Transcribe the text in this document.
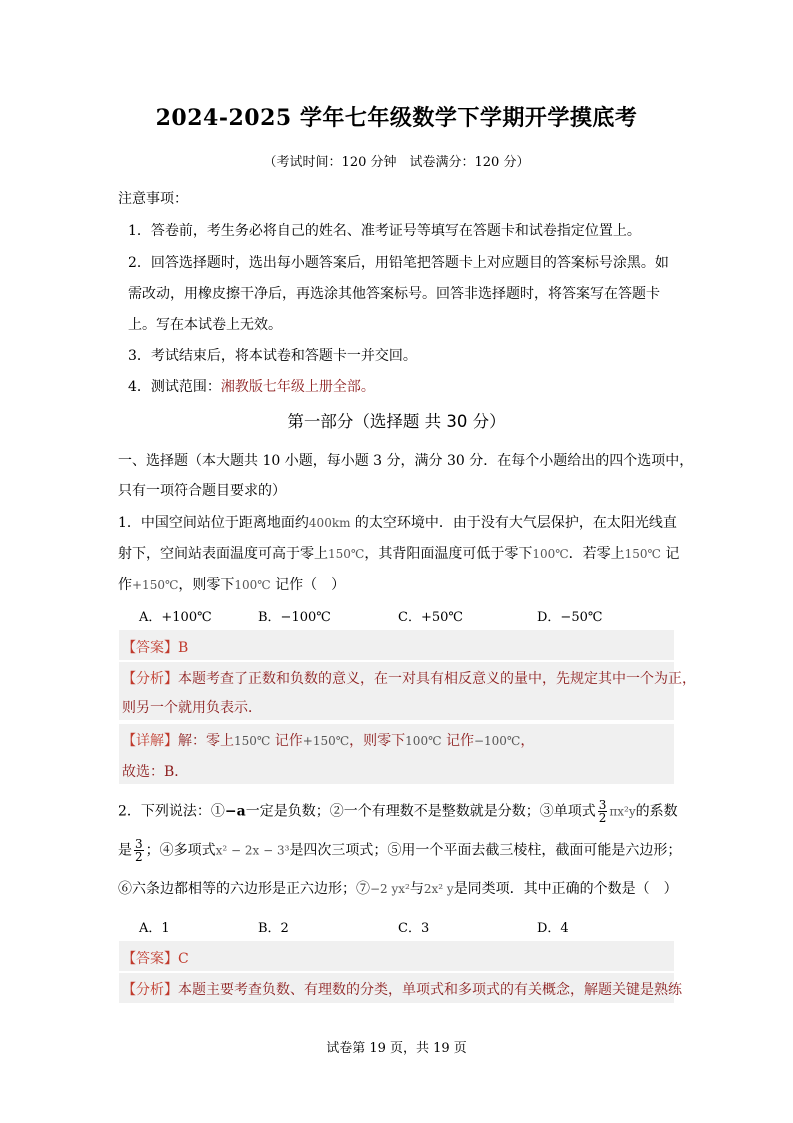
2024-2025 学年七年级数学下学期开学摸底考
（考试时间：120 分钟　试卷满分：120 分）
注意事项：
1．答卷前，考生务必将自己的姓名、准考证号等填写在答题卡和试卷指定位置上。
2．回答选择题时，选出每小题答案后，用铅笔把答题卡上对应题目的答案标号涂黑。如
需改动，用橡皮擦干净后，再选涂其他答案标号。回答非选择题时，将答案写在答题卡
上。写在本试卷上无效。
3．考试结束后，将本试卷和答题卡一并交回。
4．测试范围：湘教版七年级上册全部。
第一部分（选择题 共 30 分）
一、选择题（本大题共 10 小题，每小题 3 分，满分 30 分．在每个小题给出的四个选项中，
只有一项符合题目要求的）
1．中国空间站位于距离地面约400km 的太空环境中．由于没有大气层保护，在太阳光线直
射下，空间站表面温度可高于零上150℃，其背阳面温度可低于零下100℃．若零上150℃ 记
作+150℃，则零下100℃ 记作（　）
A．+100℃	B．−100℃	C．+50℃	D．−50℃
【答案】B
【分析】本题考查了正数和负数的意义，在一对具有相反意义的量中，先规定其中一个为正，
则另一个就用负表示．
【详解】解：零上150℃ 记作+150℃，则零下100℃ 记作−100℃，
故选：B．
2．下列说法：①−a一定是负数；②一个有理数不是整数就是分数；③单项式 $\frac{3}{2} \pi x^2y$的系数
是 $\frac{3}{2}$ ；④多项式x² − 2x − 3³是四次三项式；⑤用一个平面去截三棱柱，截面可能是六边形；
⑥六条边都相等的六边形是正六边形；⑦−2 yx²与2x² y是同类项．其中正确的个数是（　）
A．1	B．2	C．3	D．4
【答案】C
【分析】本题主要考查负数、有理数的分类，单项式和多项式的有关概念，解题关键是熟练
试卷第 19 页，共 19 页
